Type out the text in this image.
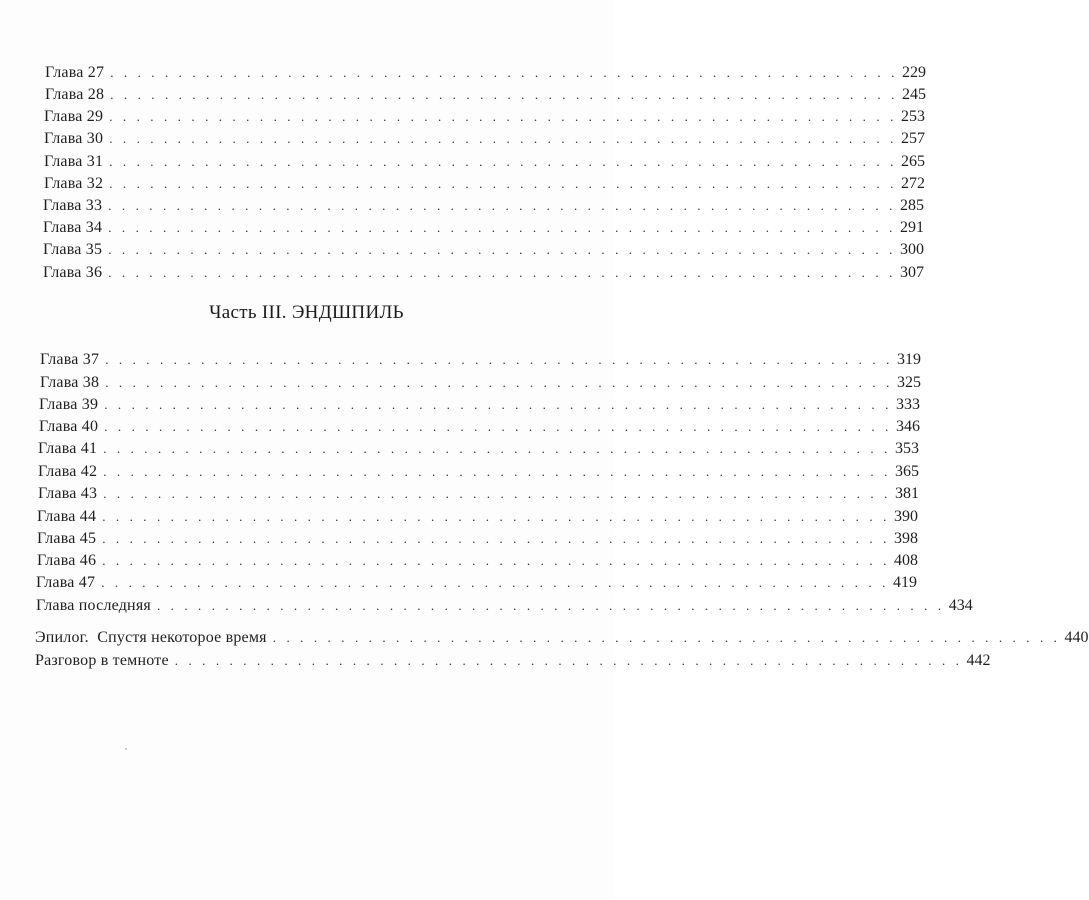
Глава 27 . . . . . . . . . . . . . . . . . . . . . . . . . . . . . . . . . . . . . . . . . . . . . . . . . . . . . . . . . . 229
Глава 28 . . . . . . . . . . . . . . . . . . . . . . . . . . . . . . . . . . . . . . . . . . . . . . . . . . . . . . . . . . 245
Глава 29 . . . . . . . . . . . . . . . . . . . . . . . . . . . . . . . . . . . . . . . . . . . . . . . . . . . . . . . . . . 253
Глава 30 . . . . . . . . . . . . . . . . . . . . . . . . . . . . . . . . . . . . . . . . . . . . . . . . . . . . . . . . . . 257
Глава 31 . . . . . . . . . . . . . . . . . . . . . . . . . . . . . . . . . . . . . . . . . . . . . . . . . . . . . . . . . . 265
Глава 32 . . . . . . . . . . . . . . . . . . . . . . . . . . . . . . . . . . . . . . . . . . . . . . . . . . . . . . . . . . 272
Глава 33 . . . . . . . . . . . . . . . . . . . . . . . . . . . . . . . . . . . . . . . . . . . . . . . . . . . . . . . . . . 285
Глава 34 . . . . . . . . . . . . . . . . . . . . . . . . . . . . . . . . . . . . . . . . . . . . . . . . . . . . . . . . . . 291
Глава 35 . . . . . . . . . . . . . . . . . . . . . . . . . . . . . . . . . . . . . . . . . . . . . . . . . . . . . . . . . . 300
Глава 36 . . . . . . . . . . . . . . . . . . . . . . . . . . . . . . . . . . . . . . . . . . . . . . . . . . . . . . . . . . 307
Часть III. ЭНДШПИЛЬ
Глава 37 . . . . . . . . . . . . . . . . . . . . . . . . . . . . . . . . . . . . . . . . . . . . . . . . . . . . . . . . . . 319
Глава 38 . . . . . . . . . . . . . . . . . . . . . . . . . . . . . . . . . . . . . . . . . . . . . . . . . . . . . . . . . . 325
Глава 39 . . . . . . . . . . . . . . . . . . . . . . . . . . . . . . . . . . . . . . . . . . . . . . . . . . . . . . . . . . 333
Глава 40 . . . . . . . . . . . . . . . . . . . . . . . . . . . . . . . . . . . . . . . . . . . . . . . . . . . . . . . . . . 346
Глава 41 . . . . . . . . . . . . . . . . . . . . . . . . . . . . . . . . . . . . . . . . . . . . . . . . . . . . . . . . . . 353
Глава 42 . . . . . . . . . . . . . . . . . . . . . . . . . . . . . . . . . . . . . . . . . . . . . . . . . . . . . . . . . . 365
Глава 43 . . . . . . . . . . . . . . . . . . . . . . . . . . . . . . . . . . . . . . . . . . . . . . . . . . . . . . . . . . 381
Глава 44 . . . . . . . . . . . . . . . . . . . . . . . . . . . . . . . . . . . . . . . . . . . . . . . . . . . . . . . . . . 390
Глава 45 . . . . . . . . . . . . . . . . . . . . . . . . . . . . . . . . . . . . . . . . . . . . . . . . . . . . . . . . . . 398
Глава 46 . . . . . . . . . . . . . . . . . . . . . . . . . . . . . . . . . . . . . . . . . . . . . . . . . . . . . . . . . . 408
Глава 47 . . . . . . . . . . . . . . . . . . . . . . . . . . . . . . . . . . . . . . . . . . . . . . . . . . . . . . . . . . 419
Глава последняя . . . . . . . . . . . . . . . . . . . . . . . . . . . . . . . . . . . . . . . . . . . . . . . . . . . . . . . . . . 434
Эпилог.  Спустя некоторое время . . . . . . . . . . . . . . . . . . . . . . . . . . . . . . . . . . . . . . . . . . . . . . . . . . . . . . . . . . 440
Разговор в темноте . . . . . . . . . . . . . . . . . . . . . . . . . . . . . . . . . . . . . . . . . . . . . . . . . . . . . . . . . . 442
